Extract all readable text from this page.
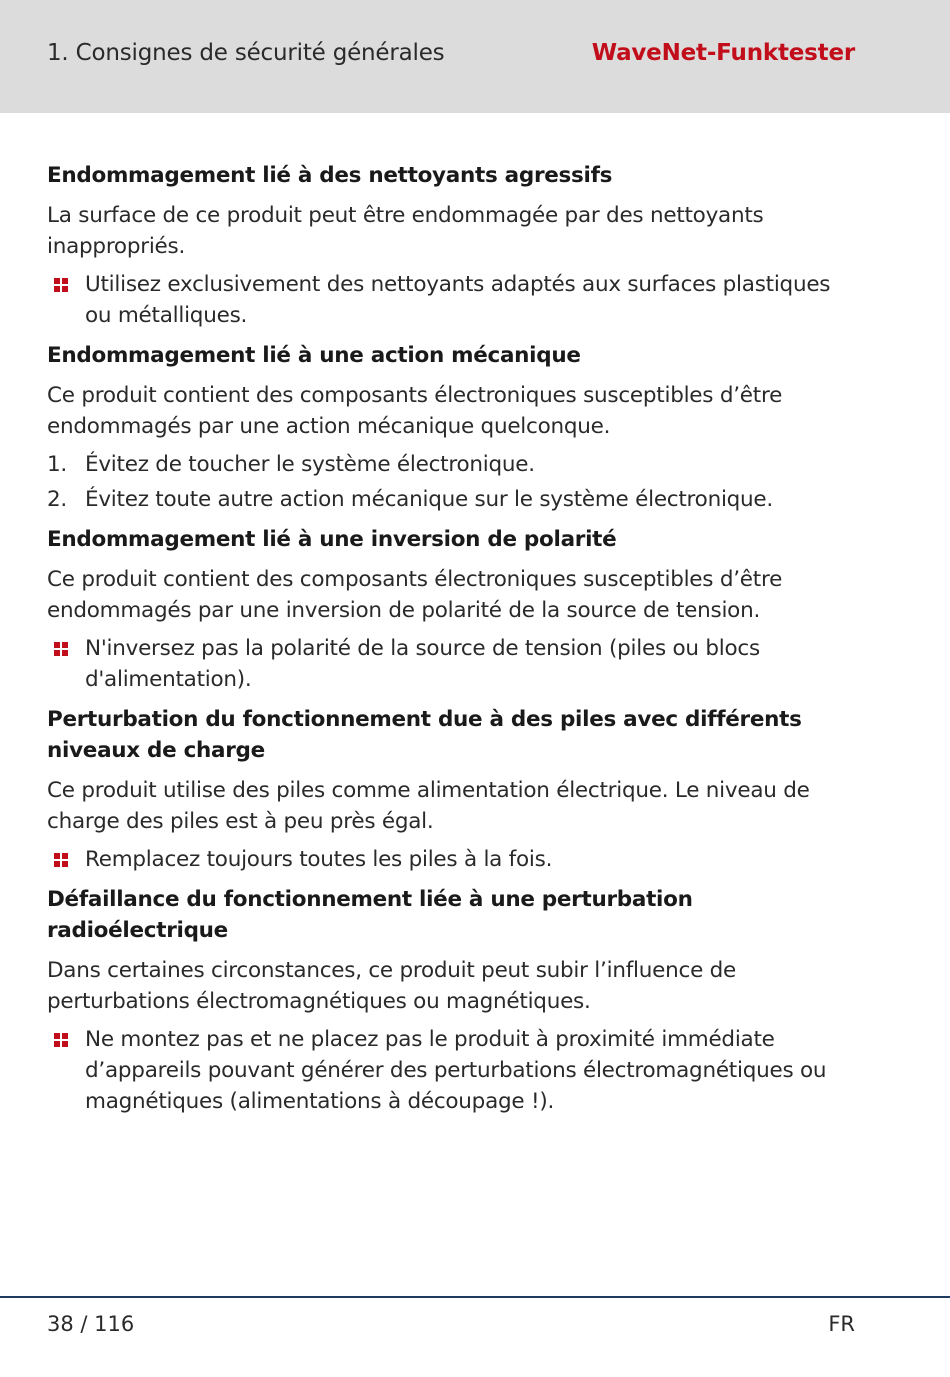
1. Consignes de sécurité générales	WaveNet-Funktester
Endommagement lié à des nettoyants agressifs
La surface de ce produit peut être endommagée par des nettoyants inappropriés.
Utilisez exclusivement des nettoyants adaptés aux surfaces plastiques ou métalliques.
Endommagement lié à une action mécanique
Ce produit contient des composants électroniques susceptibles d’être endommagés par une action mécanique quelconque.
1. Évitez de toucher le système électronique.
2. Évitez toute autre action mécanique sur le système électronique.
Endommagement lié à une inversion de polarité
Ce produit contient des composants électroniques susceptibles d’être endommagés par une inversion de polarité de la source de tension.
N'inversez pas la polarité de la source de tension (piles ou blocs d'alimentation).
Perturbation du fonctionnement due à des piles avec différents niveaux de charge
Ce produit utilise des piles comme alimentation électrique. Le niveau de charge des piles est à peu près égal.
Remplacez toujours toutes les piles à la fois.
Défaillance du fonctionnement liée à une perturbation radioélectrique
Dans certaines circonstances, ce produit peut subir l’influence de perturbations électromagnétiques ou magnétiques.
Ne montez pas et ne placez pas le produit à proximité immédiate d’appareils pouvant générer des perturbations électromagnétiques ou magnétiques (alimentations à découpage !).
38 / 116	FR
